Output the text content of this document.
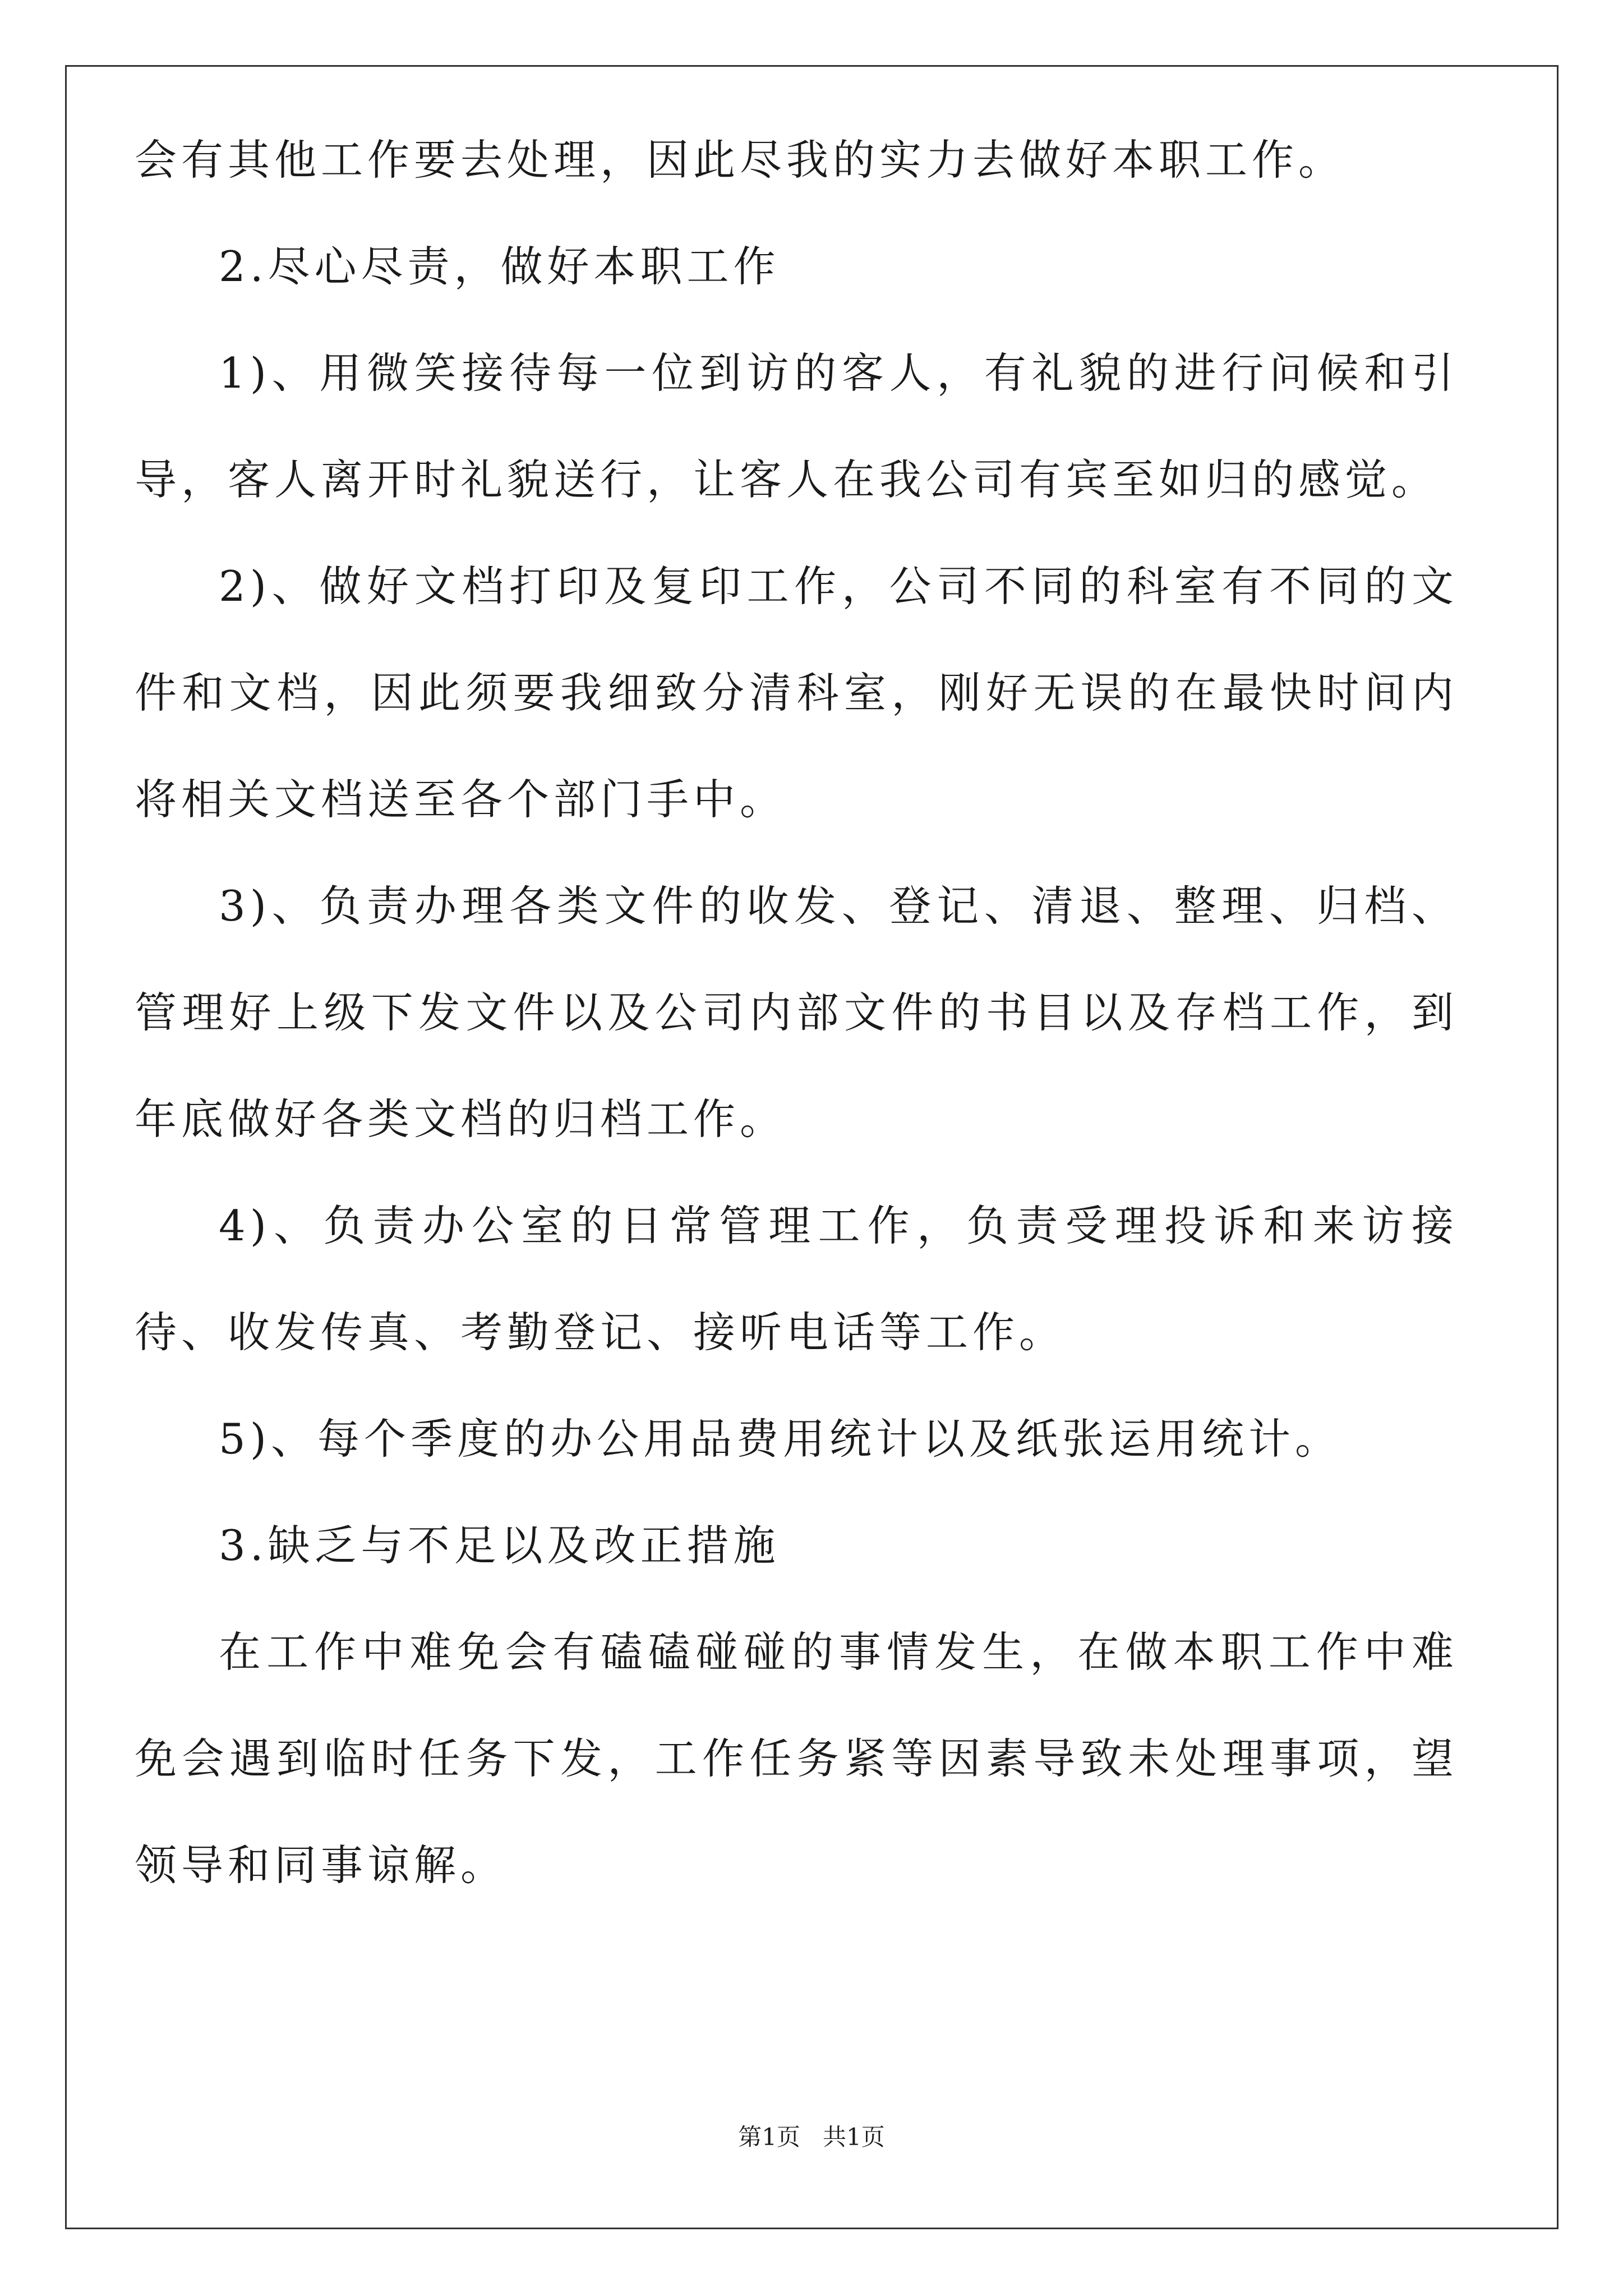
会有其他工作要去处理，因此尽我的实力去做好本职工作。

2.尽心尽责，做好本职工作

1)、用微笑接待每一位到访的客人，有礼貌的进行问候和引导，客人离开时礼貌送行，让客人在我公司有宾至如归的感觉。

2)、做好文档打印及复印工作，公司不同的科室有不同的文件和文档，因此须要我细致分清科室，刚好无误的在最快时间内将相关文档送至各个部门手中。

3)、负责办理各类文件的收发、登记、清退、整理、归档、管理好上级下发文件以及公司内部文件的书目以及存档工作，到年底做好各类文档的归档工作。

4)、负责办公室的日常管理工作，负责受理投诉和来访接待、收发传真、考勤登记、接听电话等工作。

5)、每个季度的办公用品费用统计以及纸张运用统计。

3.缺乏与不足以及改正措施

在工作中难免会有磕磕碰碰的事情发生，在做本职工作中难免会遇到临时任务下发，工作任务紧等因素导致未处理事项，望领导和同事谅解。

第1页 共1页
